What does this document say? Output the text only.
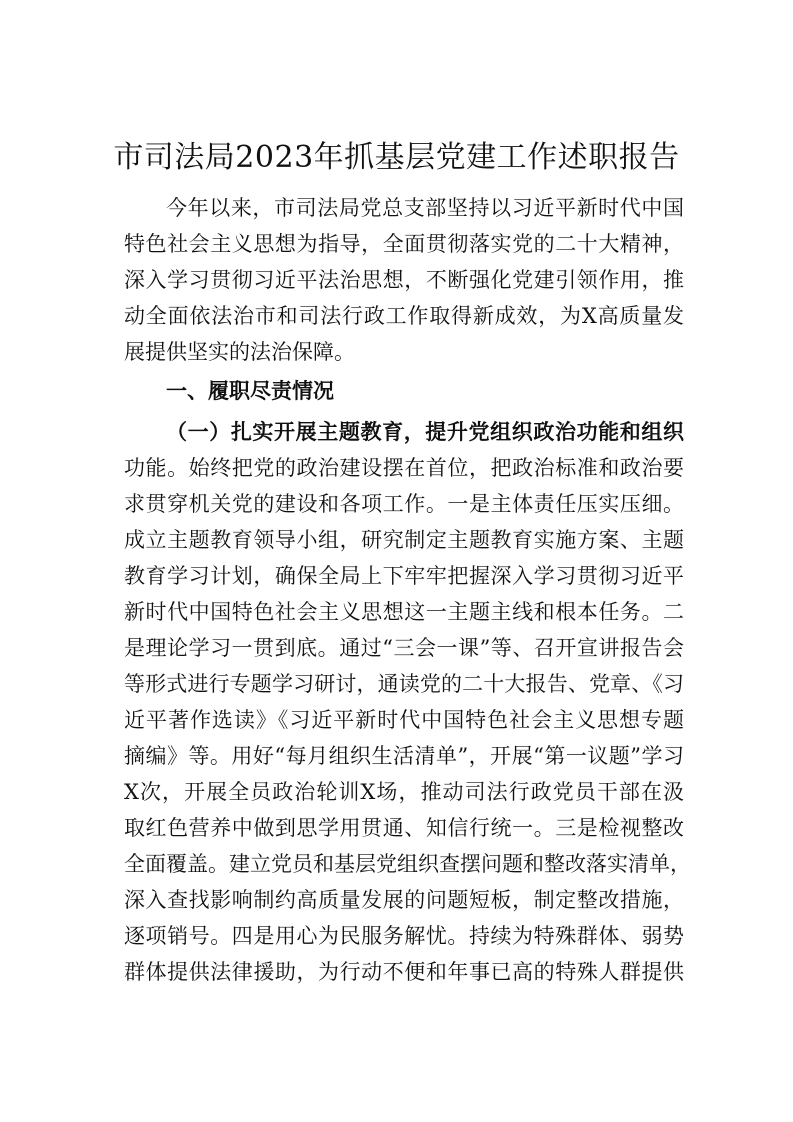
市司法局2023年抓基层党建工作述职报告
今年以来，市司法局党总支部坚持以习近平新时代中国
特色社会主义思想为指导，全面贯彻落实党的二十大精神，
深入学习贯彻习近平法治思想，不断强化党建引领作用，推
动全面依法治市和司法行政工作取得新成效，为X高质量发
展提供坚实的法治保障。
一、履职尽责情况
（一）扎实开展主题教育，提升党组织政治功能和组织
功能。始终把党的政治建设摆在首位，把政治标准和政治要
求贯穿机关党的建设和各项工作。一是主体责任压实压细。
成立主题教育领导小组，研究制定主题教育实施方案、主题
教育学习计划，确保全局上下牢牢把握深入学习贯彻习近平
新时代中国特色社会主义思想这一主题主线和根本任务。二
是理论学习一贯到底。通过“三会一课”等、召开宣讲报告会
等形式进行专题学习研讨，通读党的二十大报告、党章、《习
近平著作选读》《习近平新时代中国特色社会主义思想专题
摘编》等。用好“每月组织生活清单”，开展“第一议题”学习
X次，开展全员政治轮训X场，推动司法行政党员干部在汲
取红色营养中做到思学用贯通、知信行统一。三是检视整改
全面覆盖。建立党员和基层党组织查摆问题和整改落实清单，
深入查找影响制约高质量发展的问题短板，制定整改措施，
逐项销号。四是用心为民服务解忧。持续为特殊群体、弱势
群体提供法律援助，为行动不便和年事已高的特殊人群提供
